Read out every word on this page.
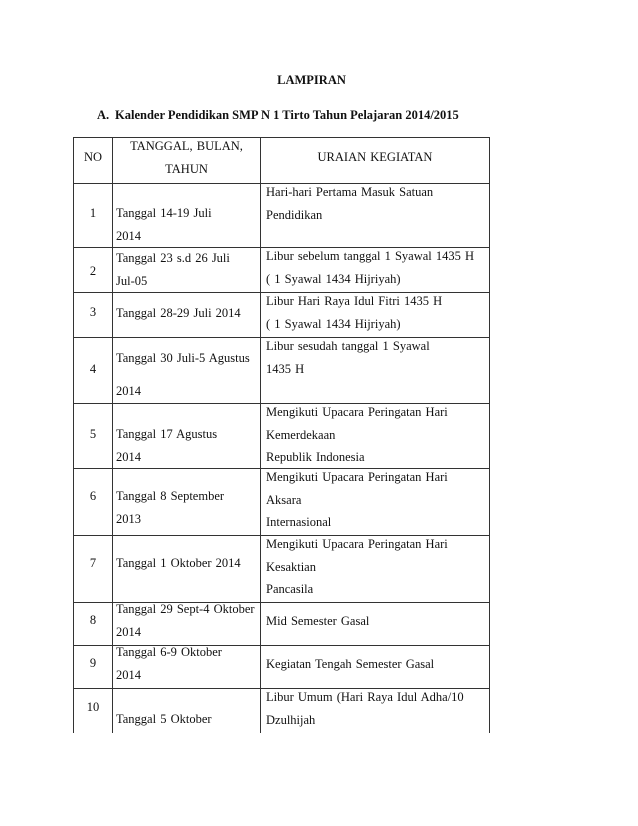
LAMPIRAN
A. Kalender Pendidikan SMP N 1 Tirto Tahun Pelajaran 2014/2015
NO
TANGGAL, BULAN,
TAHUN
URAIAN KEGIATAN
1 Tanggal 14-19 Juli
2014
Hari-hari Pertama Masuk Satuan
Pendidikan
2
Tanggal 23 s.d 26 Juli
Jul-05
Libur sebelum tanggal 1 Syawal 1435 H
( 1 Syawal 1434 Hijriyah)
3 Tanggal 28-29 Juli 2014
Libur Hari Raya Idul Fitri 1435 H
( 1 Syawal 1434 Hijriyah)
4
Tanggal 30 Juli-5 Agustus
2014
Libur sesudah tanggal 1 Syawal
1435 H
5 Tanggal 17 Agustus
2014
Mengikuti Upacara Peringatan Hari
Kemerdekaan
Republik Indonesia
6 Tanggal 8 September
2013
Mengikuti Upacara Peringatan Hari
Aksara
Internasional
7 Tanggal 1 Oktober 2014
Mengikuti Upacara Peringatan Hari
Kesaktian
Pancasila
8
Tanggal 29 Sept-4 Oktober
2014
Mid Semester Gasal
9
Tanggal 6-9 Oktober
2014
Kegiatan Tengah Semester Gasal
10
Tanggal 5 Oktober
Libur Umum (Hari Raya Idul Adha/10
Dzulhijah
